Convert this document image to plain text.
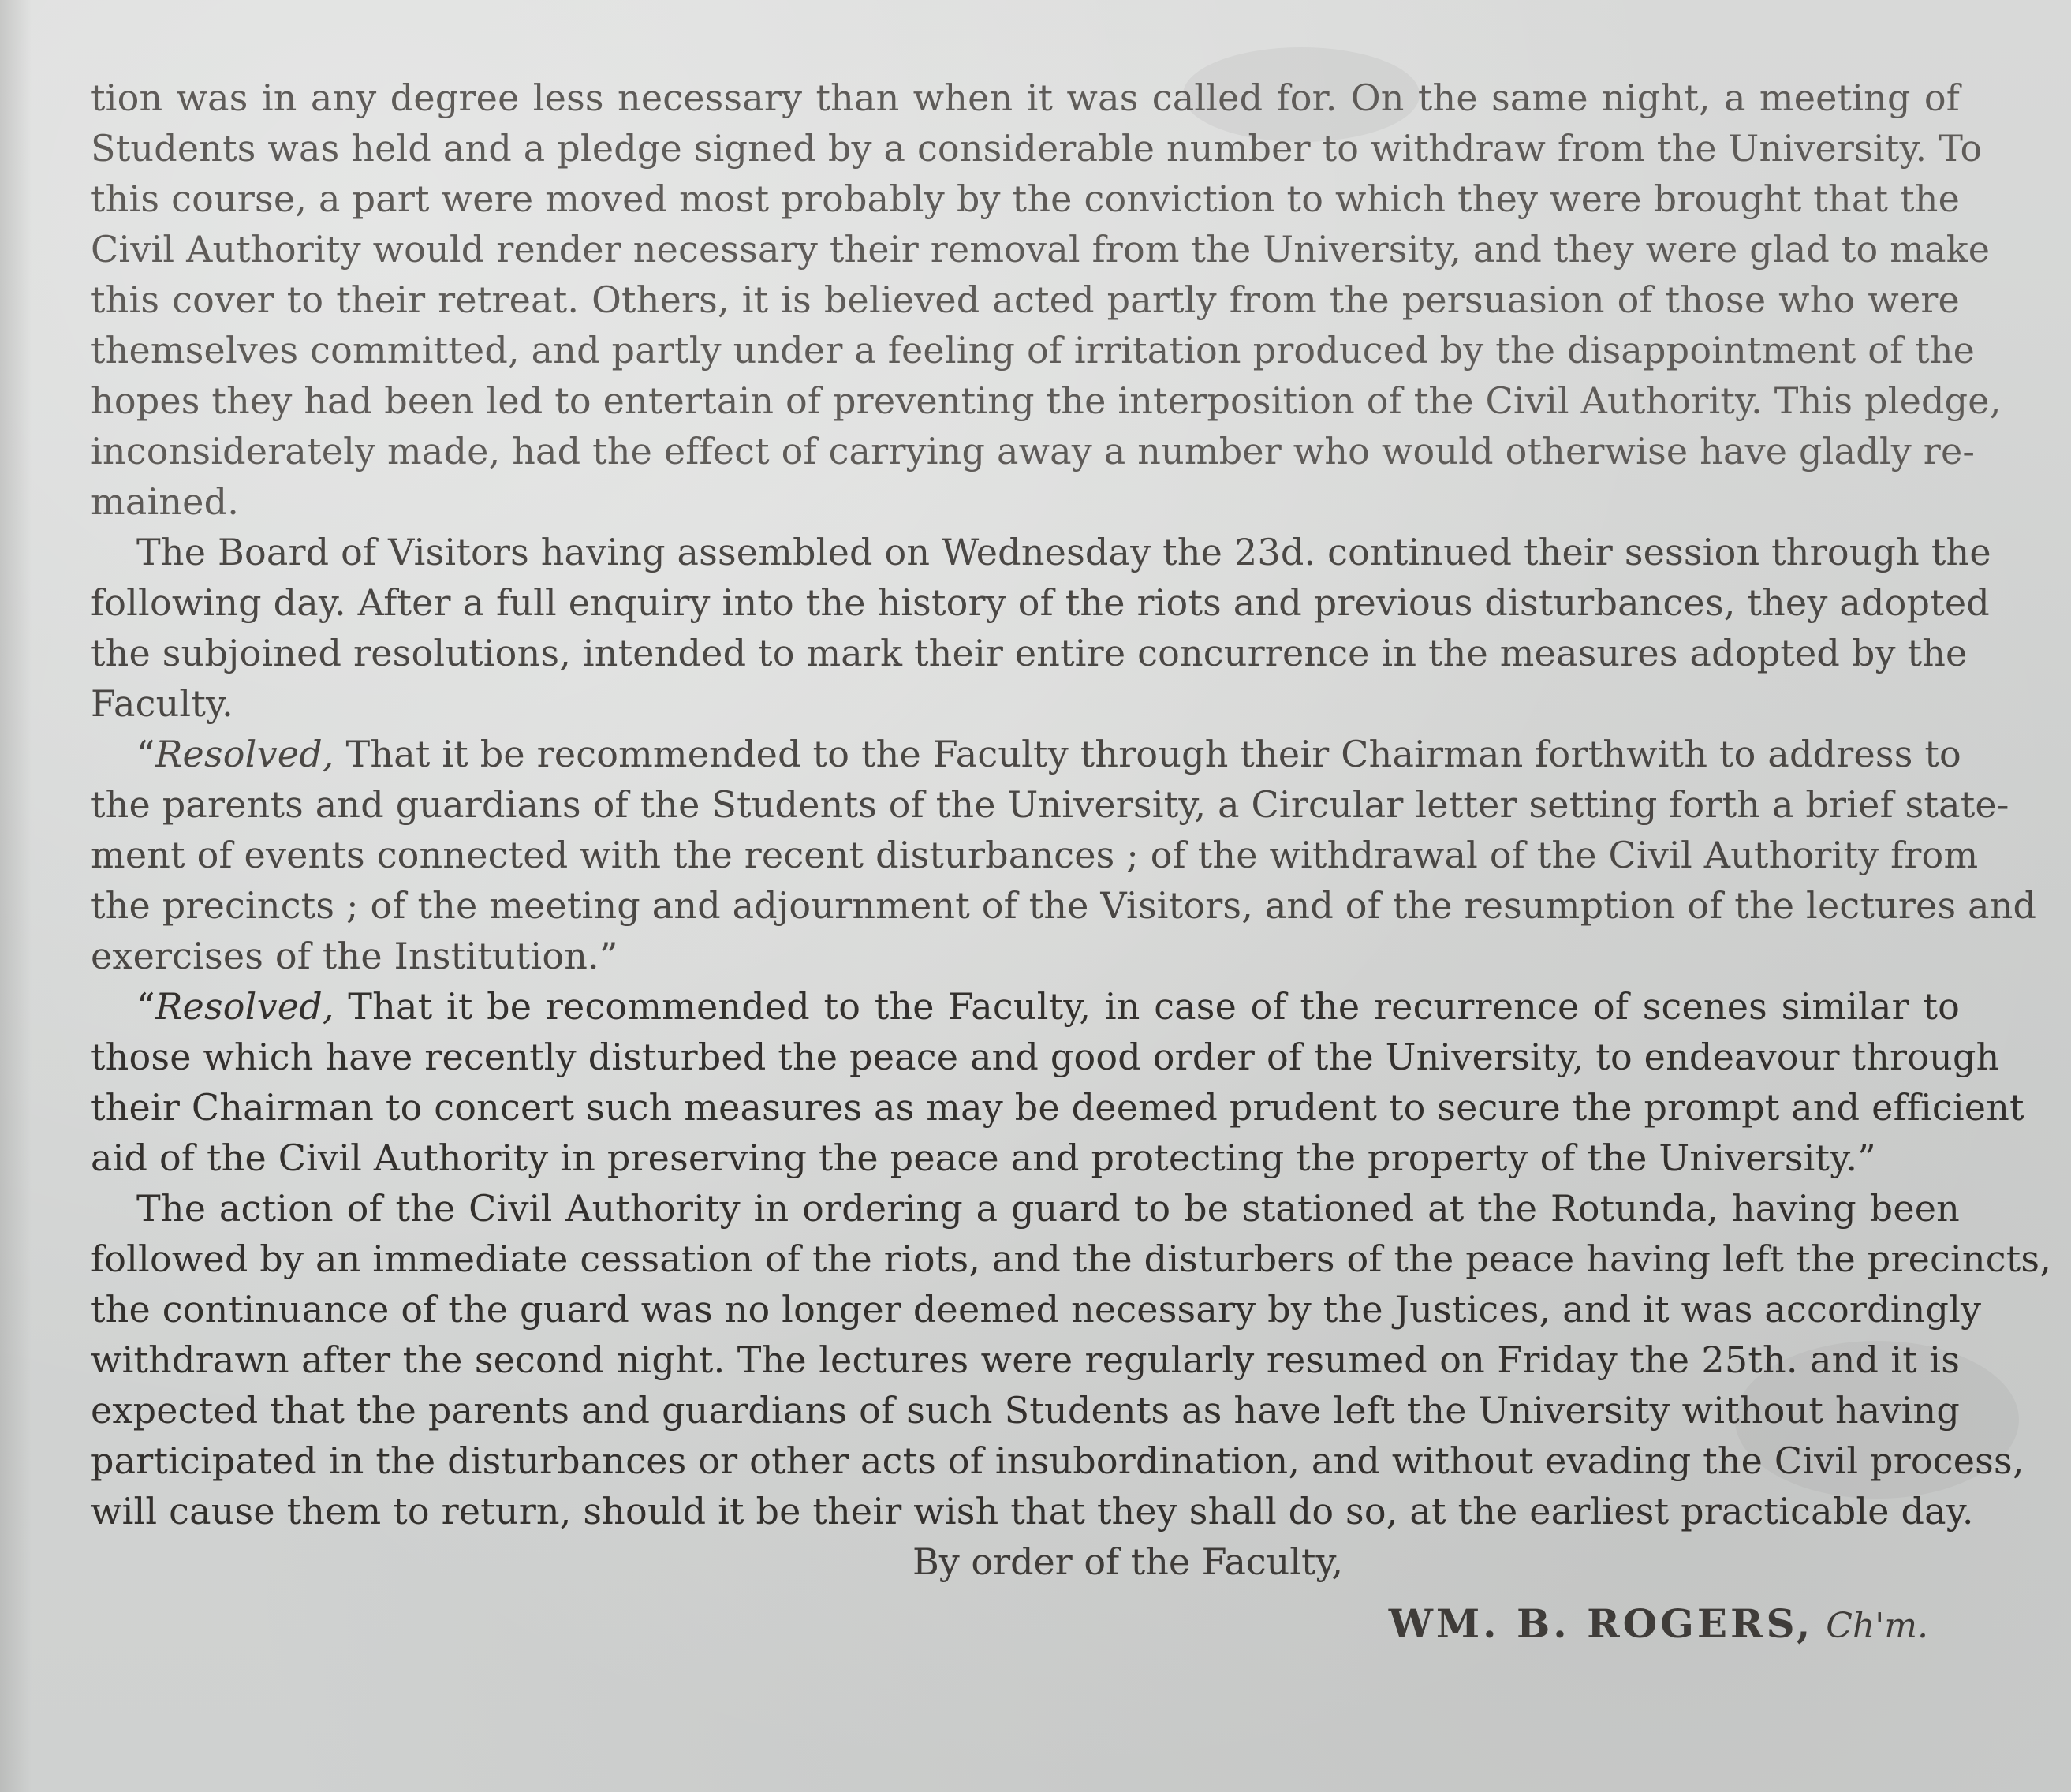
tion was in any degree less necessary than when it was called for. On the same night, a meeting of
Students was held and a pledge signed by a considerable number to withdraw from the University. To
this course, a part were moved most probably by the conviction to which they were brought that the
Civil Authority would render necessary their removal from the University, and they were glad to make
this cover to their retreat. Others, it is believed acted partly from the persuasion of those who were
themselves committed, and partly under a feeling of irritation produced by the disappointment of the
hopes they had been led to entertain of preventing the interposition of the Civil Authority. This pledge,
inconsiderately made, had the effect of carrying away a number who would otherwise have gladly re-
mained.
The Board of Visitors having assembled on Wednesday the 23d. continued their session through the
following day. After a full enquiry into the history of the riots and previous disturbances, they adopted
the subjoined resolutions, intended to mark their entire concurrence in the measures adopted by the
Faculty.
“Resolved, That it be recommended to the Faculty through their Chairman forthwith to address to
the parents and guardians of the Students of the University, a Circular letter setting forth a brief state-
ment of events connected with the recent disturbances ; of the withdrawal of the Civil Authority from
the precincts ; of the meeting and adjournment of the Visitors, and of the resumption of the lectures and
exercises of the Institution.”
“Resolved, That it be recommended to the Faculty, in case of the recurrence of scenes similar to
those which have recently disturbed the peace and good order of the University, to endeavour through
their Chairman to concert such measures as may be deemed prudent to secure the prompt and efficient
aid of the Civil Authority in preserving the peace and protecting the property of the University.”
The action of the Civil Authority in ordering a guard to be stationed at the Rotunda, having been
followed by an immediate cessation of the riots, and the disturbers of the peace having left the precincts,
the continuance of the guard was no longer deemed necessary by the Justices, and it was accordingly
withdrawn after the second night. The lectures were regularly resumed on Friday the 25th. and it is
expected that the parents and guardians of such Students as have left the University without having
participated in the disturbances or other acts of insubordination, and without evading the Civil process,
will cause them to return, should it be their wish that they shall do so, at the earliest practicable day.
By order of the Faculty,
WM. B. ROGERS, Ch'm.
